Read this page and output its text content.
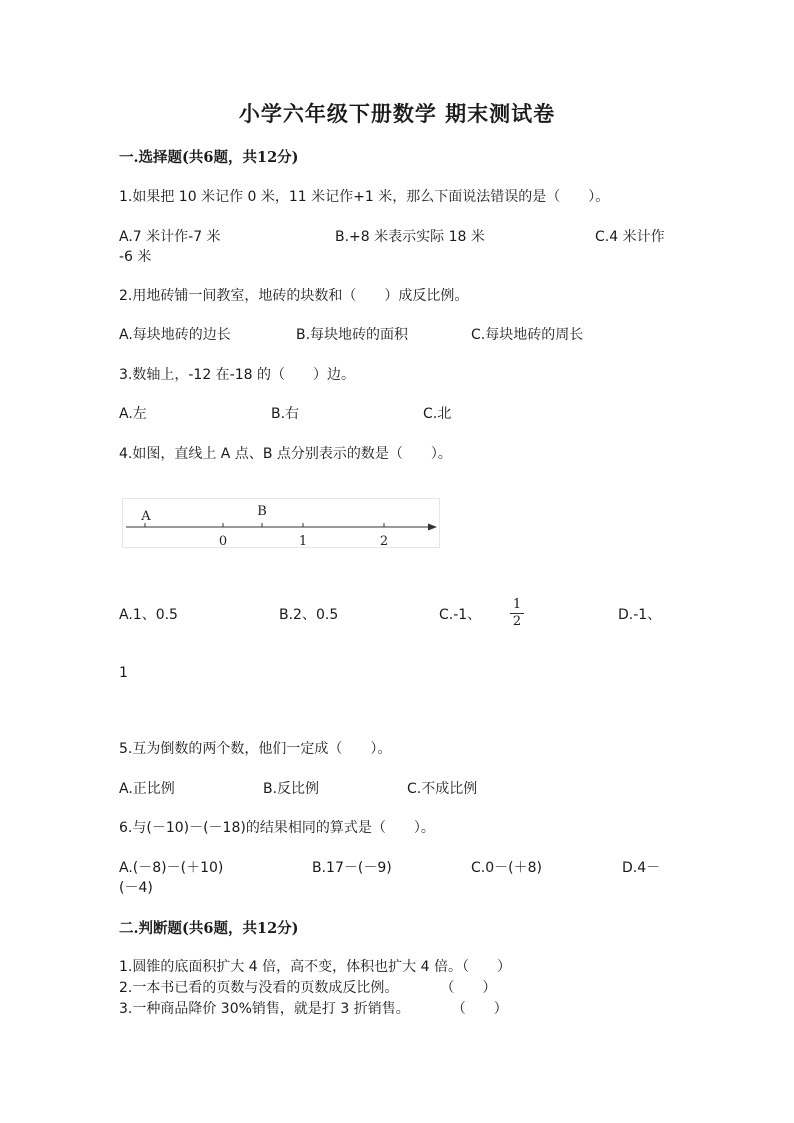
小学六年级下册数学 期末测试卷
一.选择题(共6题，共12分)
1.如果把 10 米记作 0 米，11 米记作+1 米，那么下面说法错误的是（　　）。
A.7 米计作-7 米	B.+8 米表示实际 18 米	C.4 米计作
-6 米
2.用地砖铺一间教室，地砖的块数和（　　）成反比例。
A.每块地砖的边长	B.每块地砖的面积	C.每块地砖的周长
3.数轴上，-12 在-18 的（　　）边。
A.左	B.右	C.北
4.如图，直线上 A 点、B 点分别表示的数是（　　）。
A	B
0	1	2
A.1、0.5	B.2、0.5	C.-1、
1
2	D.-1、
1
5.互为倒数的两个数，他们一定成（　　）。
A.正比例	B.反比例	C.不成比例
6.与(－10)－(－18)的结果相同的算式是（　　）。
A.(－8)－(＋10)	B.17－(－9)	C.0－(＋8)	D.4－
(－4)
二.判断题(共6题，共12分)
1.圆锥的底面积扩大 4 倍，高不变，体积也扩大 4 倍。（　　）
2.一本书已看的页数与没看的页数成反比例。　　　　（　　）
3.一种商品降价 30%销售，就是打 3 折销售。　　　　（　　）
